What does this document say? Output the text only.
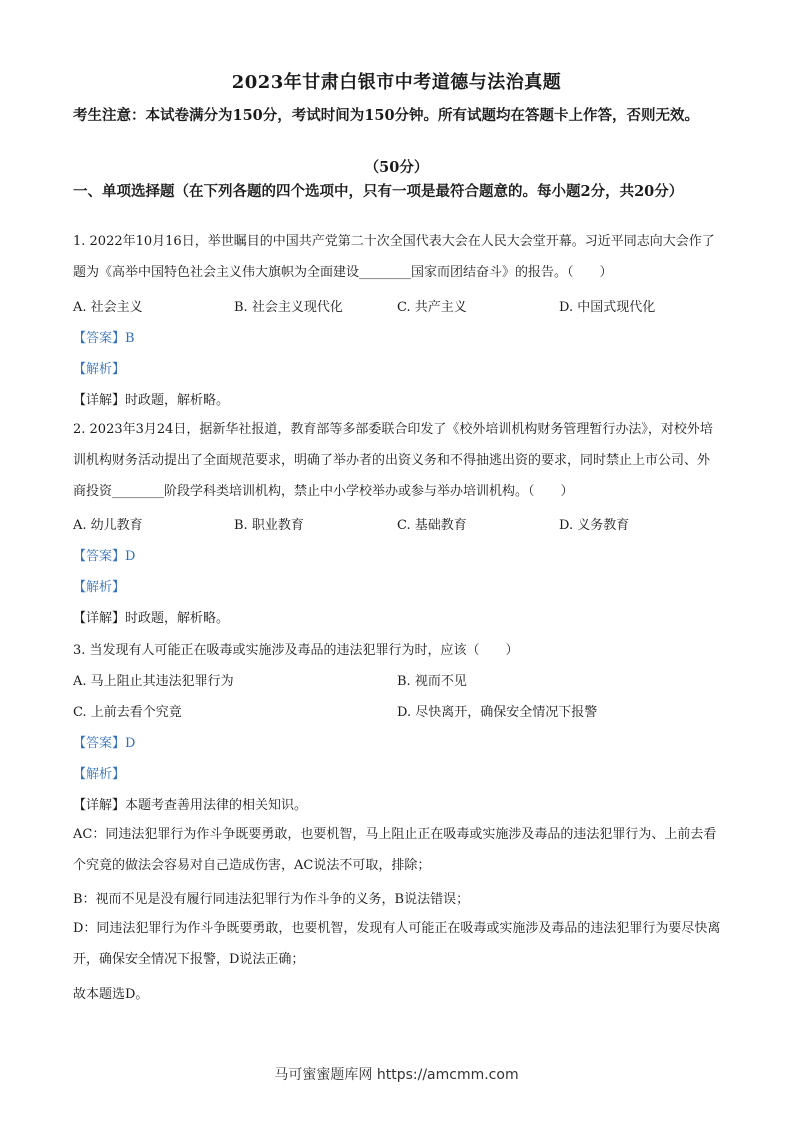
2023年甘肃白银市中考道德与法治真题
考生注意：本试卷满分为150分，考试时间为150分钟。所有试题均在答题卡上作答，否则无效。
（50分）
一、单项选择题（在下列各题的四个选项中，只有一项是最符合题意的。每小题2分，共20分）
1. 2022年10月16日，举世瞩目的中国共产党第二十次全国代表大会在人民大会堂开幕。习近平同志向大会作了题为《高举中国特色社会主义伟大旗帜为全面建设________国家而团结奋斗》的报告。（　　）
A. 社会主义	B. 社会主义现代化	C. 共产主义	D. 中国式现代化
【答案】B
【解析】
【详解】时政题，解析略。
2. 2023年3月24日，据新华社报道，教育部等多部委联合印发了《校外培训机构财务管理暂行办法》，对校外培训机构财务活动提出了全面规范要求，明确了举办者的出资义务和不得抽逃出资的要求，同时禁止上市公司、外商投资________阶段学科类培训机构，禁止中小学校举办或参与举办培训机构。（　　）
A. 幼儿教育	B. 职业教育	C. 基础教育	D. 义务教育
【答案】D
【解析】
【详解】时政题，解析略。
3. 当发现有人可能正在吸毒或实施涉及毒品的违法犯罪行为时，应该（　　）
A. 马上阻止其违法犯罪行为	B. 视而不见
C. 上前去看个究竟	D. 尽快离开，确保安全情况下报警
【答案】D
【解析】
【详解】本题考查善用法律的相关知识。
AC：同违法犯罪行为作斗争既要勇敢，也要机智，马上阻止正在吸毒或实施涉及毒品的违法犯罪行为、上前去看个究竟的做法会容易对自己造成伤害，AC说法不可取，排除；
B：视而不见是没有履行同违法犯罪行为作斗争的义务，B说法错误；
D：同违法犯罪行为作斗争既要勇敢，也要机智，发现有人可能正在吸毒或实施涉及毒品的违法犯罪行为要尽快离开，确保安全情况下报警，D说法正确；
故本题选D。
马可蜜蜜题库网 https://amcmm.com
